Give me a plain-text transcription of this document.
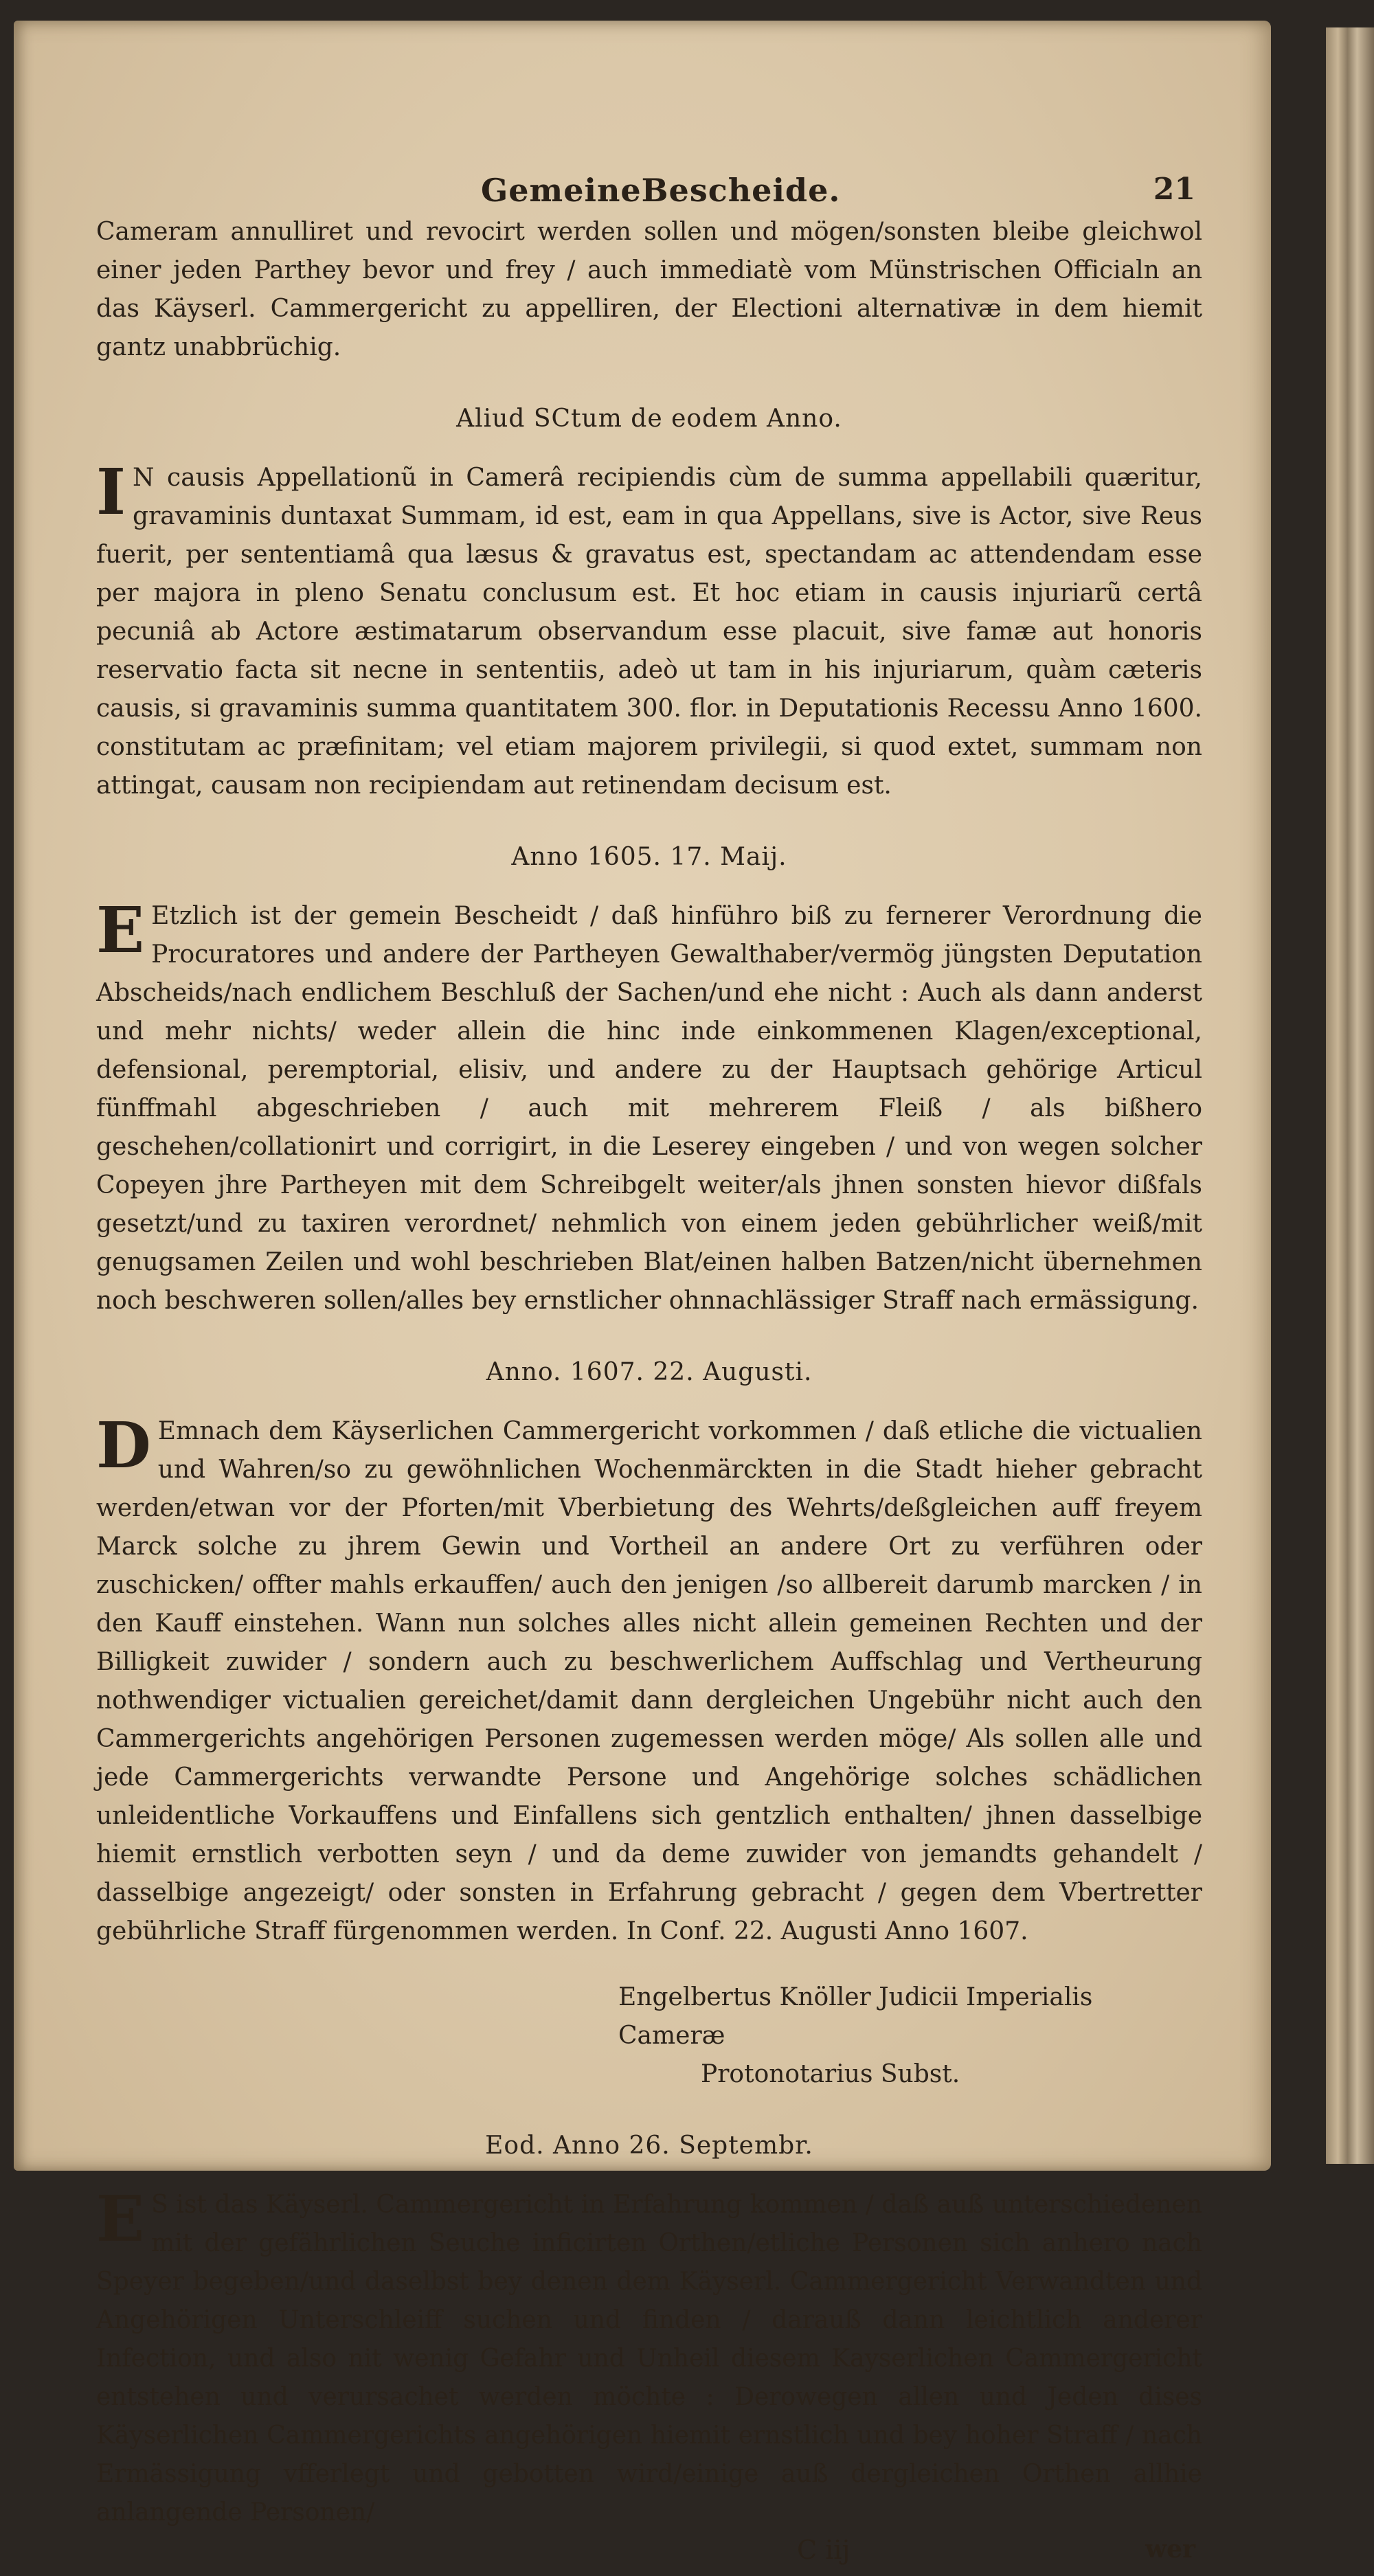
GemeineBescheide.	21

Cameram annulliret und revocirt werden sollen und mögen/sonsten bleibe gleichwol einer jeden Parthey bevor und frey / auch immediatè vom Münstrischen Officialn an das Käyserl. Cammergericht zu appelliren, der Electioni alternativæ in dem hiemit gantz unabbrüchig.

Aliud SCtum de eodem Anno.

I N causis Appellationũ in Camerâ recipiendis cùm de summa appellabili quæritur, gravaminis duntaxat Summam, id est, eam in qua Appellans, sive is Actor, sive Reus fuerit, per sententiamâ qua læsus & gravatus est, spectandam ac attendendam esse per majora in pleno Senatu conclusum est. Et hoc etiam in causis injuriarũ certâ pecuniâ ab Actore æstimatarum observandum esse placuit, sive famæ aut honoris reservatio facta sit necne in sententiis, adeò ut tam in his injuriarum, quàm cæteris causis, si gravaminis summa quantitatem 300. flor. in Deputationis Recessu Anno 1600. constitutam ac præfinitam; vel etiam majorem privilegii, si quod extet, summam non attingat, causam non recipiendam aut retinendam decisum est.

Anno 1605. 17. Maij.

E Etzlich ist der gemein Bescheidt / daß hinführo biß zu fernerer Verordnung die Procuratores und andere der Partheyen Gewalthaber/vermög jüngsten Deputation Abscheids/nach endlichem Beschluß der Sachen/und ehe nicht : Auch als dann anderst und mehr nichts/ weder allein die hinc inde einkommenen Klagen/exceptional, defensional, peremptorial, elisiv, und andere zu der Hauptsach gehörige Articul fünffmahl abgeschrieben / auch mit mehrerem Fleiß / als bißhero geschehen/collationirt und corrigirt, in die Leserey eingeben / und von wegen solcher Copeyen jhre Partheyen mit dem Schreibgelt weiter/als jhnen sonsten hievor dißfals gesetzt/und zu taxiren verordnet/ nehmlich von einem jeden gebührlicher weiß/mit genugsamen Zeilen und wohl beschrieben Blat/einen halben Batzen/nicht übernehmen noch beschweren sollen/alles bey ernstlicher ohnnachlässiger Straff nach ermässigung.

Anno. 1607. 22. Augusti.

D Emnach dem Käyserlichen Cammergericht vorkommen / daß etliche die victualien und Wahren/so zu gewöhnlichen Wochenmärckten in die Stadt hieher gebracht werden/etwan vor der Pforten/mit Vberbietung des Wehrts/deßgleichen auff freyem Marck solche zu jhrem Gewin und Vortheil an andere Ort zu verführen oder zuschicken/ offter mahls erkauffen/ auch den jenigen /so allbereit darumb marcken / in den Kauff einstehen. Wann nun solches alles nicht allein gemeinen Rechten und der Billigkeit zuwider / sondern auch zu beschwerlichem Auffschlag und Vertheurung nothwendiger victualien gereichet/damit dann dergleichen Ungebühr nicht auch den Cammergerichts angehörigen Personen zugemessen werden möge/ Als sollen alle und jede Cammergerichts verwandte Persone und Angehörige solches schädlichen unleidentliche Vorkauffens und Einfallens sich gentzlich enthalten/ jhnen dasselbige hiemit ernstlich verbotten seyn / und da deme zuwider von jemandts gehandelt / dasselbige angezeigt/ oder sonsten in Erfahrung gebracht / gegen dem Vbertretter gebührliche Straff fürgenommen werden. In Conf. 22. Augusti Anno 1607.

Engelbertus Knöller Judicii Imperialis Cameræ
Protonotarius Subst.
Eod. Anno 26. Septembr.

E S ist das Käyserl. Cammergericht in Erfahrung kommen / daß auß unterschiedenen mit der gefährlichen Seuche inficirten Orthen/etliche Personen sich anhero nach Speyer begeben/und daselbst bey denen dem Käyserl. Cammergericht Verwandten und Angehörigen Unterschleiff suchen und finden / darauß dann leichtlich anderer Infection, und also nit wenig Gefahr und Unheil diesem Kayserlichen Cammergericht entstehen und verursachet werden möchte : Derowegen allen und Jeden dises Käyserlichen Cammergerichts angehörigen hiemit ernstlich und bey hoher Straff / nach Ermässigung vfferlegt und gebotten wird/einige auß dergleichen Orthen allhie anlangende Personen/

C iij	wer
